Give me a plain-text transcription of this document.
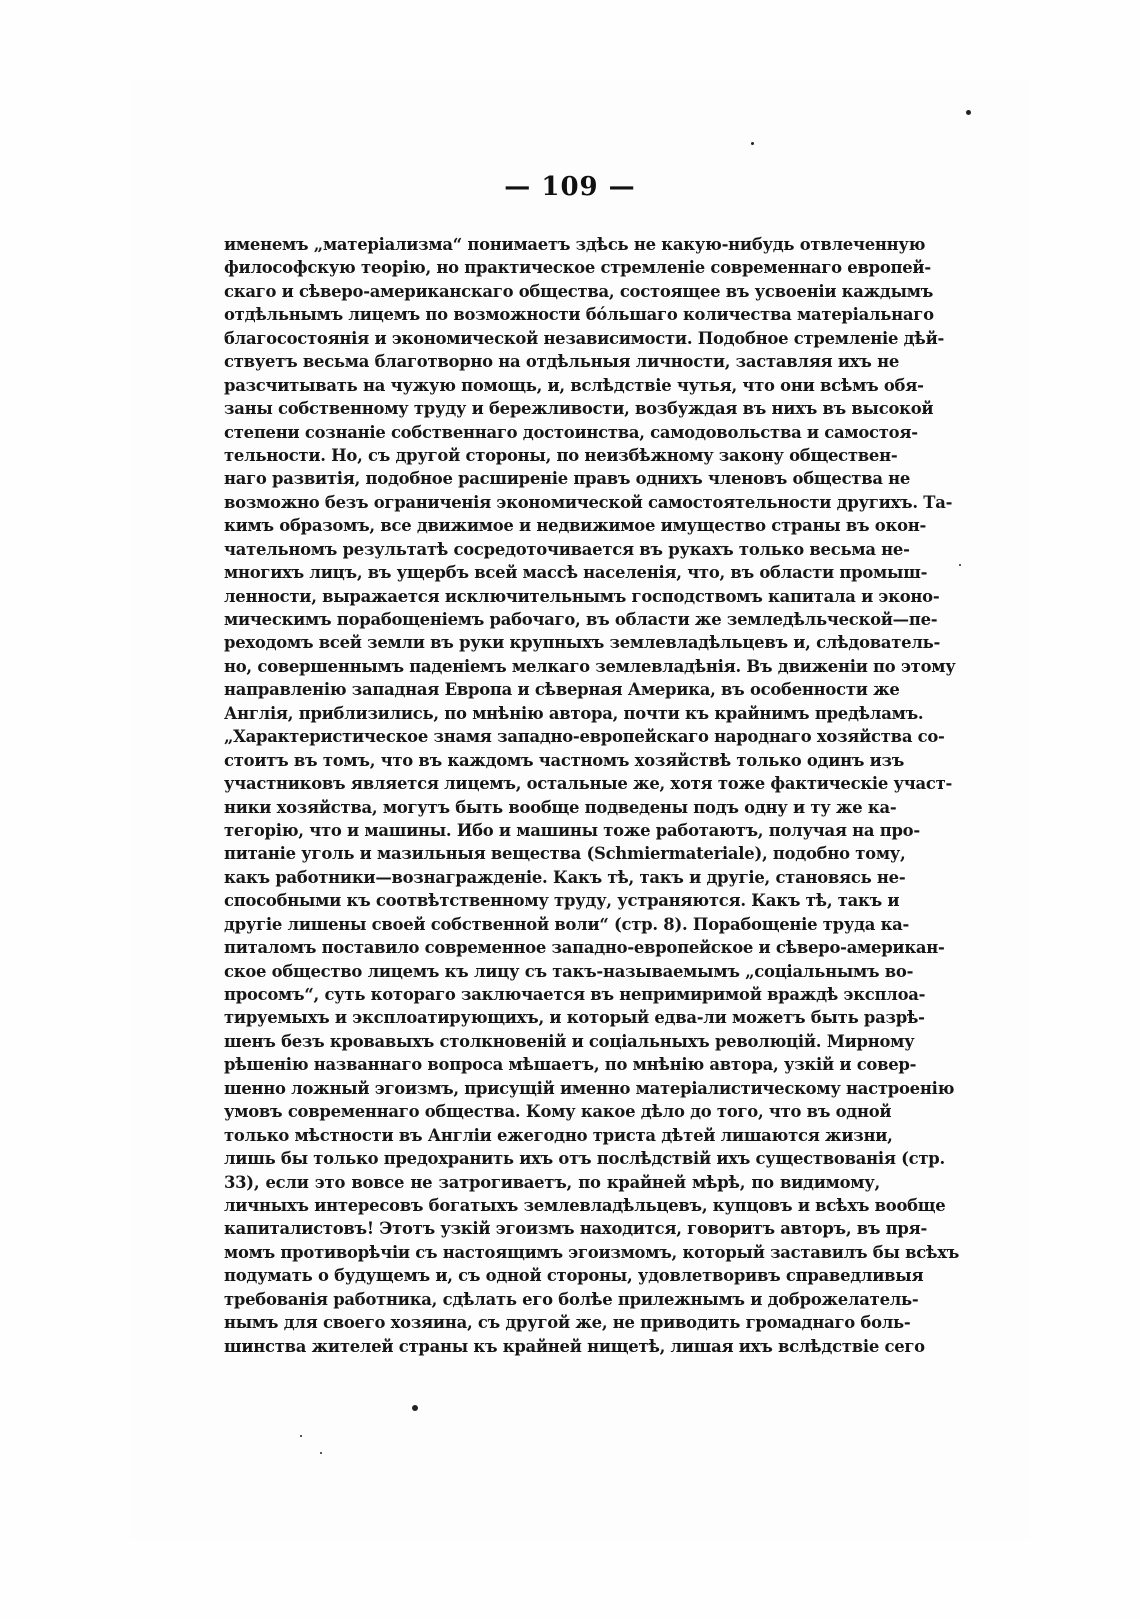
— 109 —
именемъ „матеріализма“ понимаетъ здѣсь не какую-нибудь отвлеченную
философскую теорію, но практическое стремленіе современнаго европей-
скаго и сѣверо-американскаго общества, состоящее въ усвоеніи каждымъ
отдѣльнымъ лицемъ по возможности бóльшаго количества матеріальнаго
благосостоянія и экономической независимости. Подобное стремленіе дѣй-
ствуетъ весьма благотворно на отдѣльныя личности, заставляя ихъ не
разсчитывать на чужую помощь, и, вслѣдствіе чутья, что они всѣмъ обя-
заны собственному труду и бережливости, возбуждая въ нихъ въ высокой
степени сознаніе собственнаго достоинства, самодовольства и самостоя-
тельности. Но, съ другой стороны, по неизбѣжному закону обществен-
наго развитія, подобное расширеніе правъ однихъ членовъ общества не
возможно безъ ограниченія экономической самостоятельности другихъ. Та-
кимъ образомъ, все движимое и недвижимое имущество страны въ окон-
чательномъ результатѣ сосредоточивается въ рукахъ только весьма не-
многихъ лицъ, въ ущербъ всей массѣ населенія, что, въ области промыш-
ленности, выражается исключительнымъ господствомъ капитала и эконо-
мическимъ порабощеніемъ рабочаго, въ области же земледѣльческой—пе-
реходомъ всей земли въ руки крупныхъ землевладѣльцевъ и, слѣдователь-
но, совершеннымъ паденіемъ мелкаго землевладѣнія. Въ движеніи по этому
направленію западная Европа и сѣверная Америка, въ особенности же
Англія, приблизились, по мнѣнію автора, почти къ крайнимъ предѣламъ.
„Характеристическое знамя западно-европейскаго народнаго хозяйства со-
стоитъ въ томъ, что въ каждомъ частномъ хозяйствѣ только одинъ изъ
участниковъ является лицемъ, остальные же, хотя тоже фактическіе участ-
ники хозяйства, могутъ быть вообще подведены подъ одну и ту же ка-
тегорію, что и машины. Ибо и машины тоже работаютъ, получая на про-
питаніе уголь и мазильныя вещества (Schmiermateriale), подобно тому,
какъ работники—вознагражденіе. Какъ тѣ, такъ и другіе, становясь не-
способными къ соотвѣтственному труду, устраняются. Какъ тѣ, такъ и
другіе лишены своей собственной воли“ (стр. 8). Порабощеніе труда ка-
питаломъ поставило современное западно-европейское и сѣверо-американ-
ское общество лицемъ къ лицу съ такъ-называемымъ „соціальнымъ во-
просомъ“, суть котораго заключается въ непримиримой враждѣ эксплоа-
тируемыхъ и эксплоатирующихъ, и который едва-ли можетъ быть разрѣ-
шенъ безъ кровавыхъ столкновеній и соціальныхъ революцій. Мирному
рѣшенію названнаго вопроса мѣшаетъ, по мнѣнію автора, узкій и совер-
шенно ложный эгоизмъ, присущій именно матеріалистическому настроенію
умовъ современнаго общества. Кому какое дѣло до того, что въ одной
только мѣстности въ Англіи ежегодно триста дѣтей лишаются жизни,
лишь бы только предохранить ихъ отъ послѣдствій ихъ существованія (стр.
33), если это вовсе не затрогиваетъ, по крайней мѣрѣ, по видимому,
личныхъ интересовъ богатыхъ землевладѣльцевъ, купцовъ и всѣхъ вообще
капиталистовъ! Этотъ узкій эгоизмъ находится, говоритъ авторъ, въ пря-
момъ противорѣчіи съ настоящимъ эгоизмомъ, который заставилъ бы всѣхъ
подумать о будущемъ и, съ одной стороны, удовлетворивъ справедливыя
требованія работника, сдѣлать его болѣе прилежнымъ и доброжелатель-
нымъ для своего хозяина, съ другой же, не приводить громаднаго боль-
шинства жителей страны къ крайней нищетѣ, лишая ихъ вслѣдствіе сего
